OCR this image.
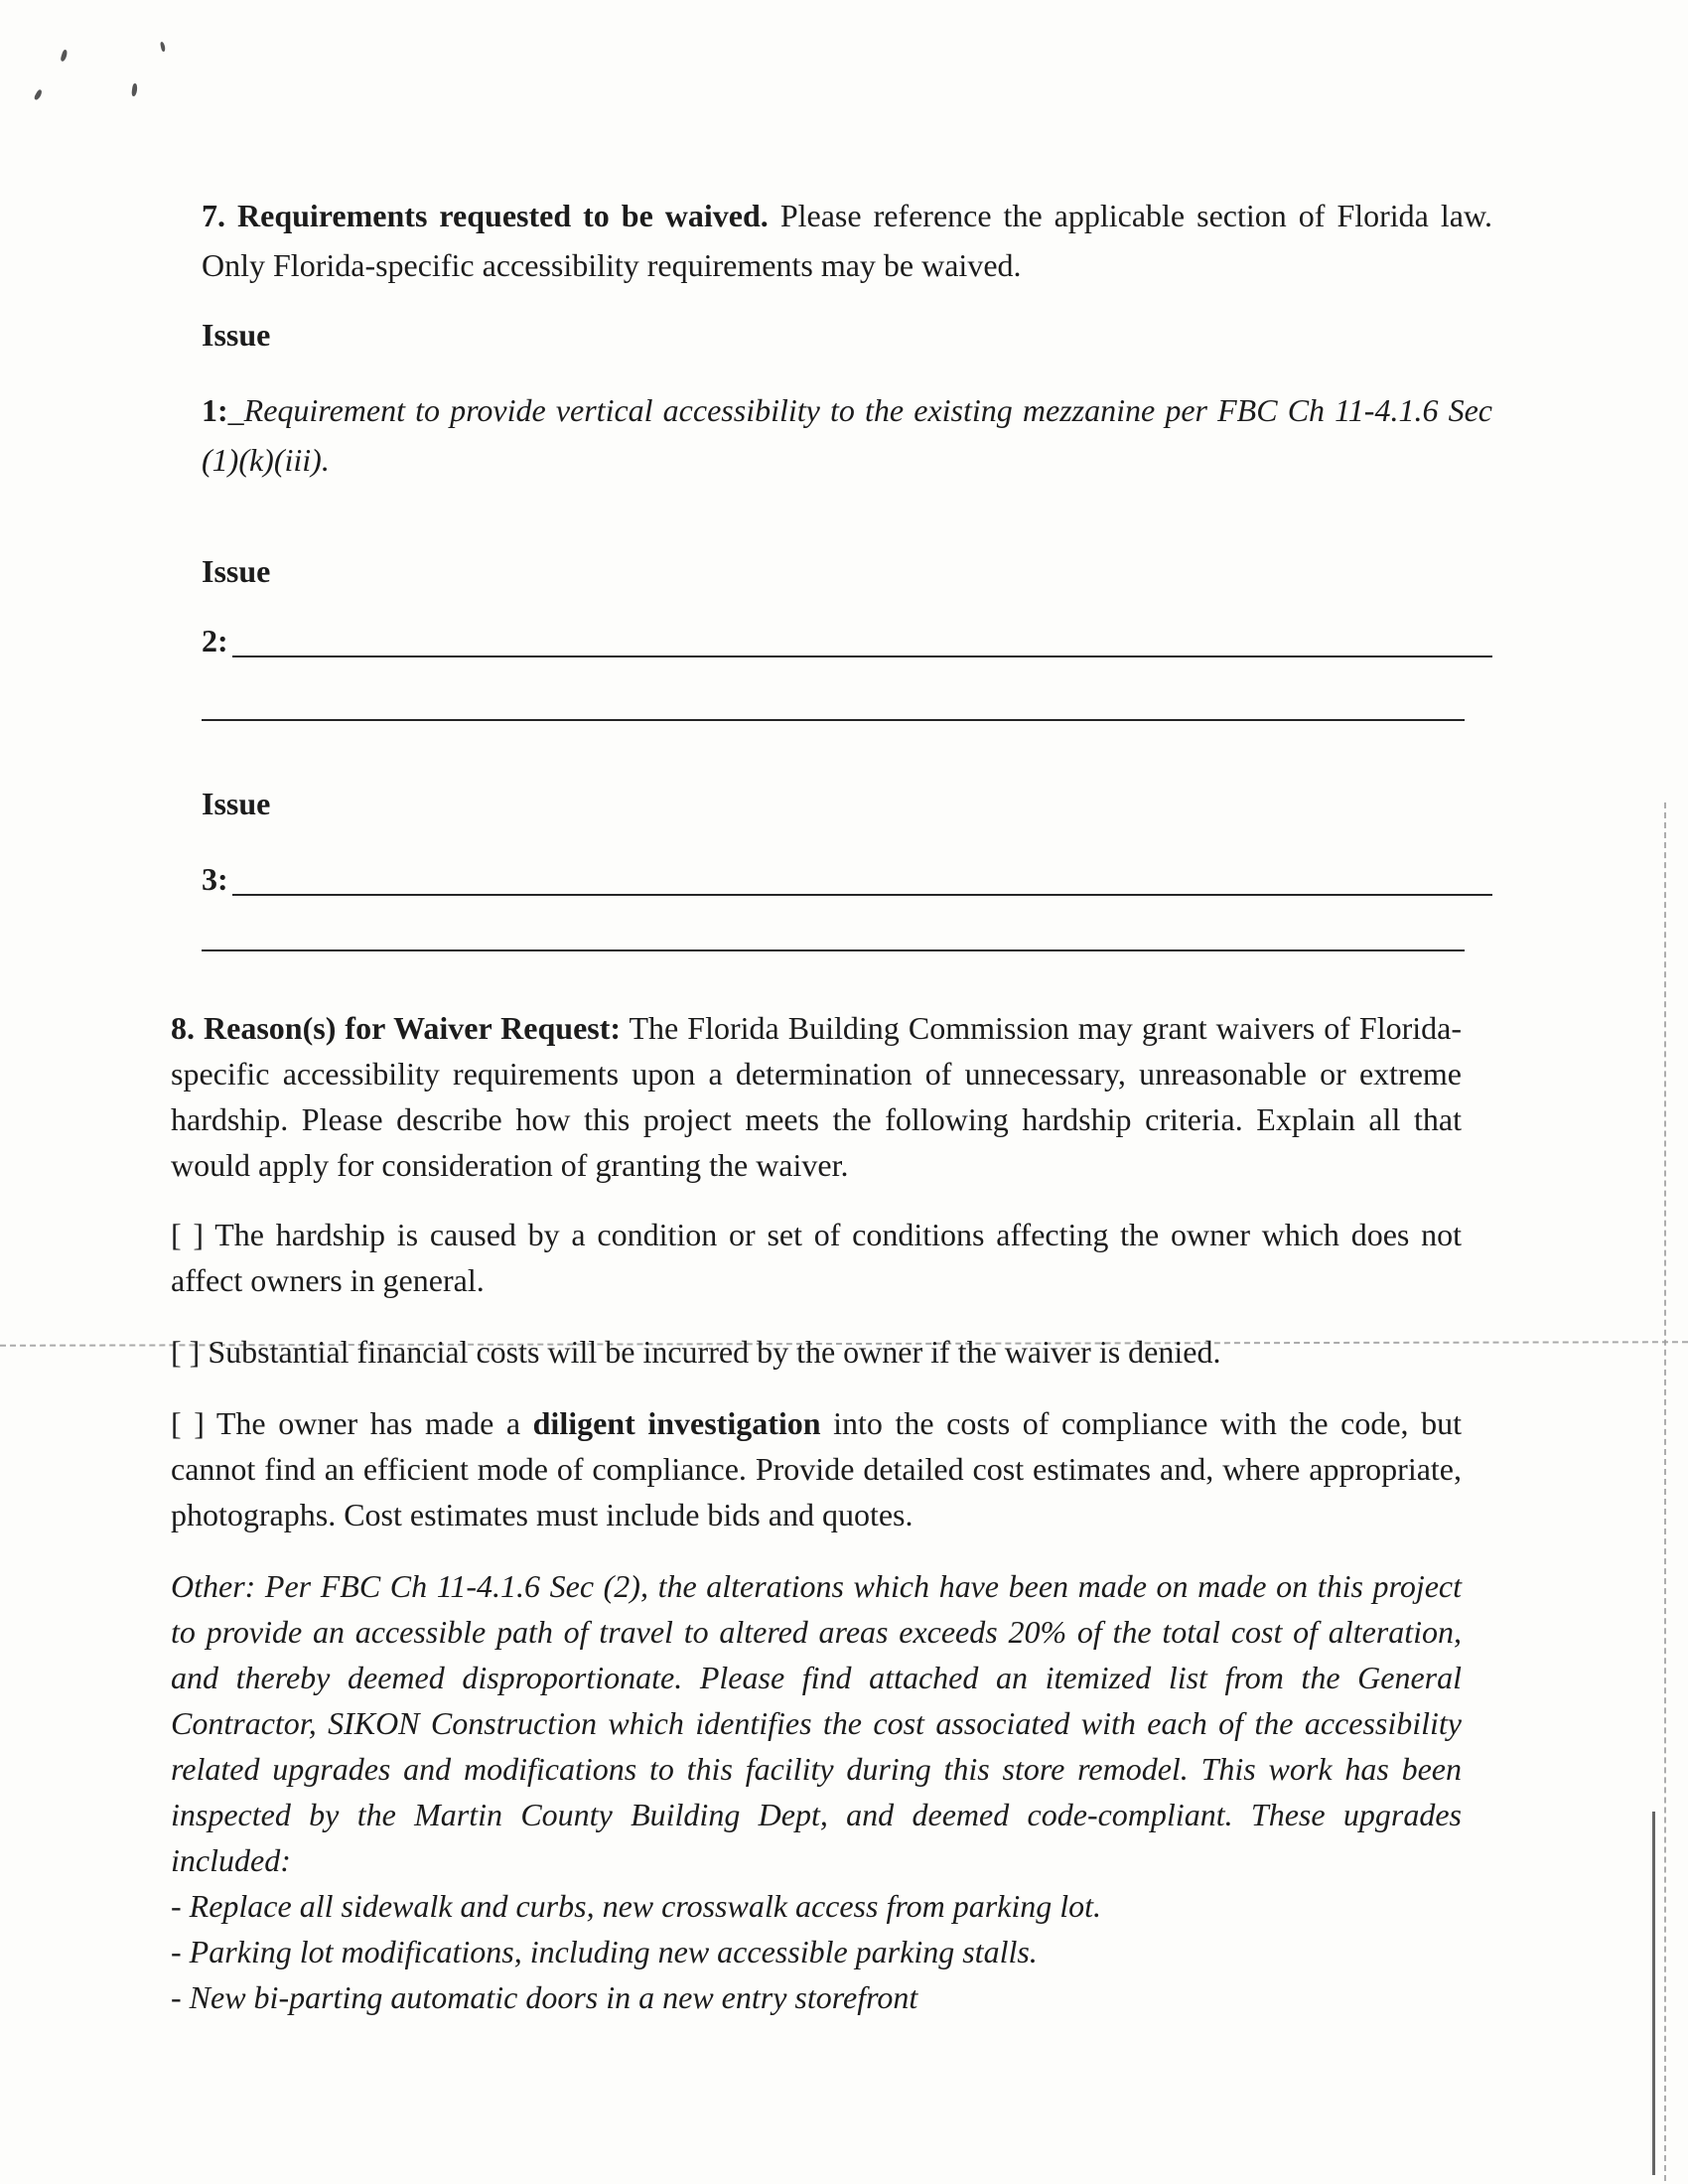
7. Requirements requested to be waived. Please reference the applicable section of Florida law. Only Florida-specific accessibility requirements may be waived.

Issue

1:_Requirement to provide vertical accessibility to the existing mezzanine per FBC Ch 11-4.1.6 Sec (1)(k)(iii).

Issue
2:
Issue
3:

8. Reason(s) for Waiver Request: The Florida Building Commission may grant waivers of Florida-specific accessibility requirements upon a determination of unnecessary, unreasonable or extreme hardship. Please describe how this project meets the following hardship criteria. Explain all that would apply for consideration of granting the waiver.

[ ] The hardship is caused by a condition or set of conditions affecting the owner which does not affect owners in general.

[ ] Substantial financial costs will be incurred by the owner if the waiver is denied.

[ ] The owner has made a diligent investigation into the costs of compliance with the code, but cannot find an efficient mode of compliance. Provide detailed cost estimates and, where appropriate, photographs. Cost estimates must include bids and quotes.

Other: Per FBC Ch 11-4.1.6 Sec (2), the alterations which have been made on made on this project to provide an accessible path of travel to altered areas exceeds 20% of the total cost of alteration, and thereby deemed disproportionate. Please find attached an itemized list from the General Contractor, SIKON Construction which identifies the cost associated with each of the accessibility related upgrades and modifications to this facility during this store remodel. This work has been inspected by the Martin County Building Dept, and deemed code-compliant. These upgrades included:

- Replace all sidewalk and curbs, new crosswalk access from parking lot.
- Parking lot modifications, including new accessible parking stalls.
- New bi-parting automatic doors in a new entry storefront
